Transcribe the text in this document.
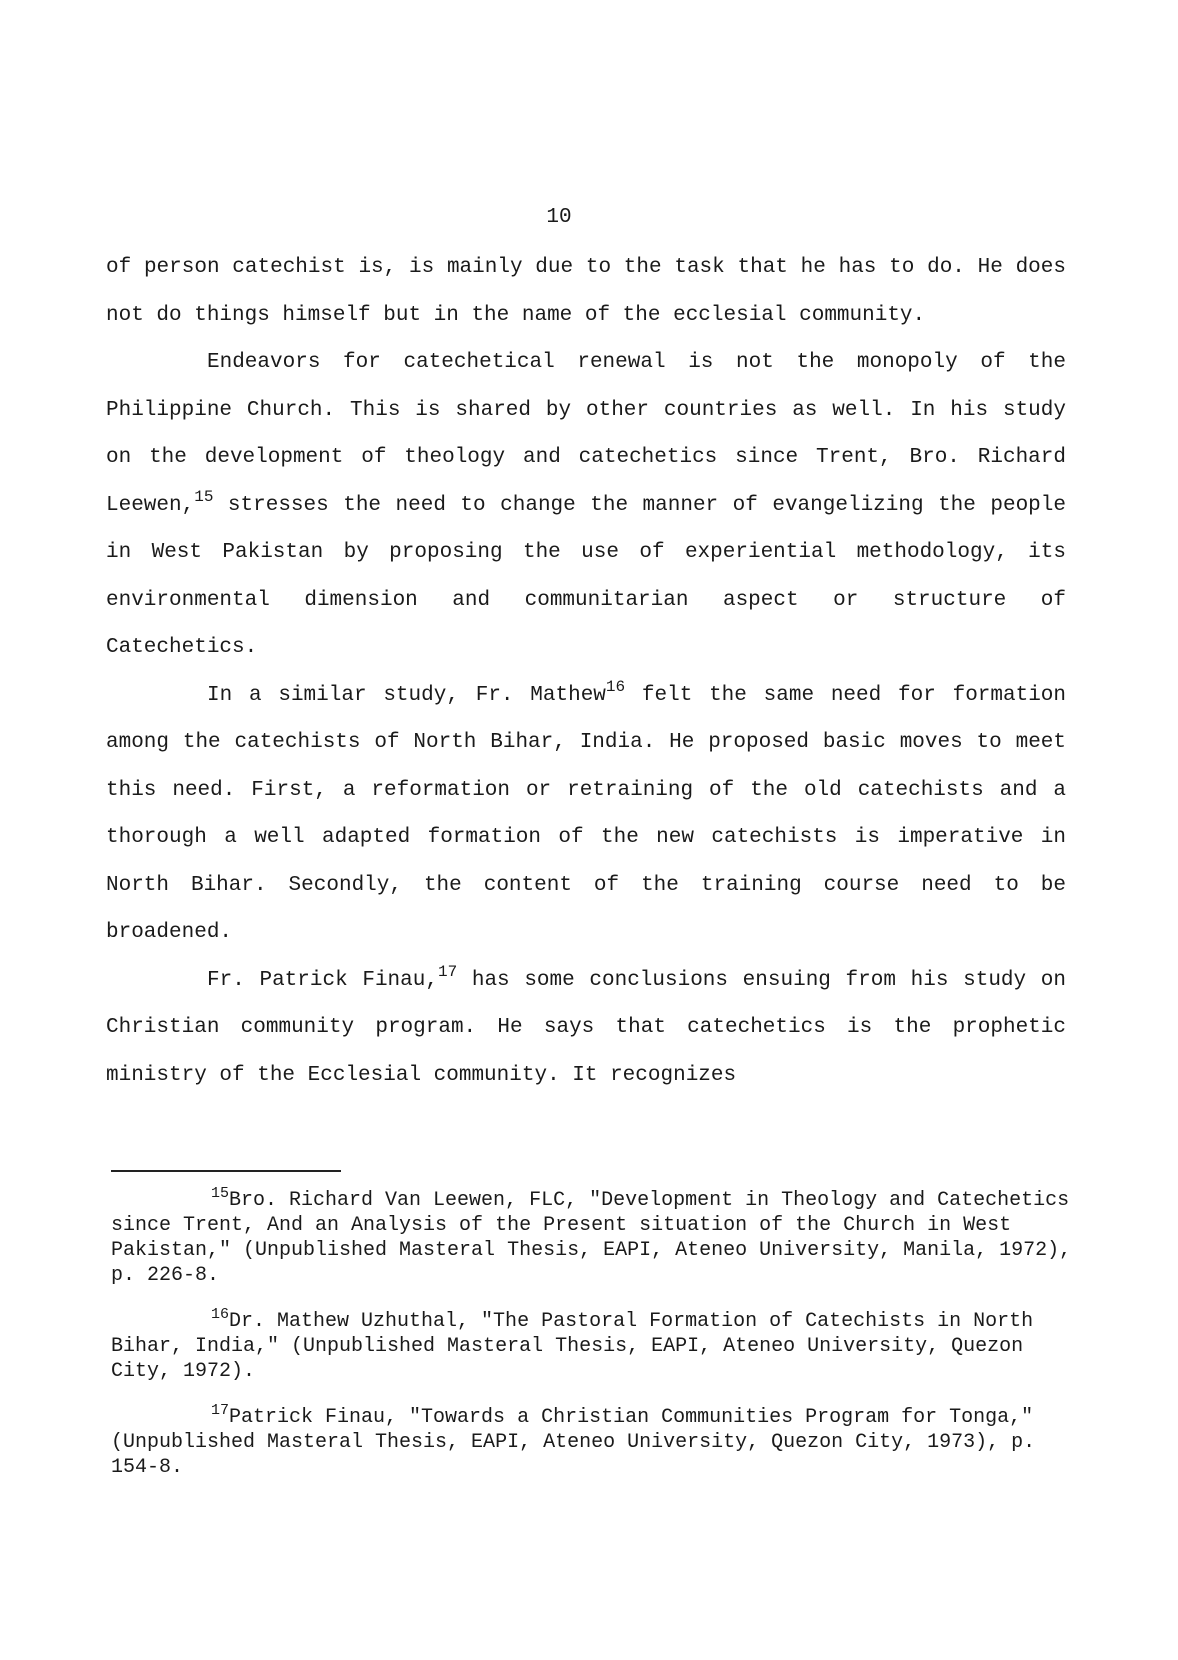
10

of person catechist is, is mainly due to the task that he has to do. He does not do things himself but in the name of the ecclesial community.

Endeavors for catechetical renewal is not the monopoly of the Philippine Church. This is shared by other countries as well. In his study on the development of theology and catechetics since Trent, Bro. Richard Leewen,$^{15}$ stresses the need to change the manner of evangelizing the people in West Pakistan by proposing the use of experiential methodology, its environmental dimension and communitarian aspect or structure of Catechetics.

In a similar study, Fr. Mathew$^{16}$ felt the same need for formation among the catechists of North Bihar, India. He proposed basic moves to meet this need. First, a reformation or retraining of the old catechists and a thorough a well adapted formation of the new catechists is imperative in North Bihar. Secondly, the content of the training course need to be broadened.

Fr. Patrick Finau,$^{17}$ has some conclusions ensuing from his study on Christian community program. He says that catechetics is the prophetic ministry of the Ecclesial community. It recognizes

$^{15}$Bro. Richard Van Leewen, FLC, "Development in Theology and Catechetics since Trent, And an Analysis of the Present situation of the Church in West Pakistan," (Unpublished Masteral Thesis, EAPI, Ateneo University, Manila, 1972), p. 226-8.

$^{16}$Dr. Mathew Uzhuthal, "The Pastoral Formation of Catechists in North Bihar, India," (Unpublished Masteral Thesis, EAPI, Ateneo University, Quezon City, 1972).

$^{17}$Patrick Finau, "Towards a Christian Communities Program for Tonga," (Unpublished Masteral Thesis, EAPI, Ateneo University, Quezon City, 1973), p. 154-8.
